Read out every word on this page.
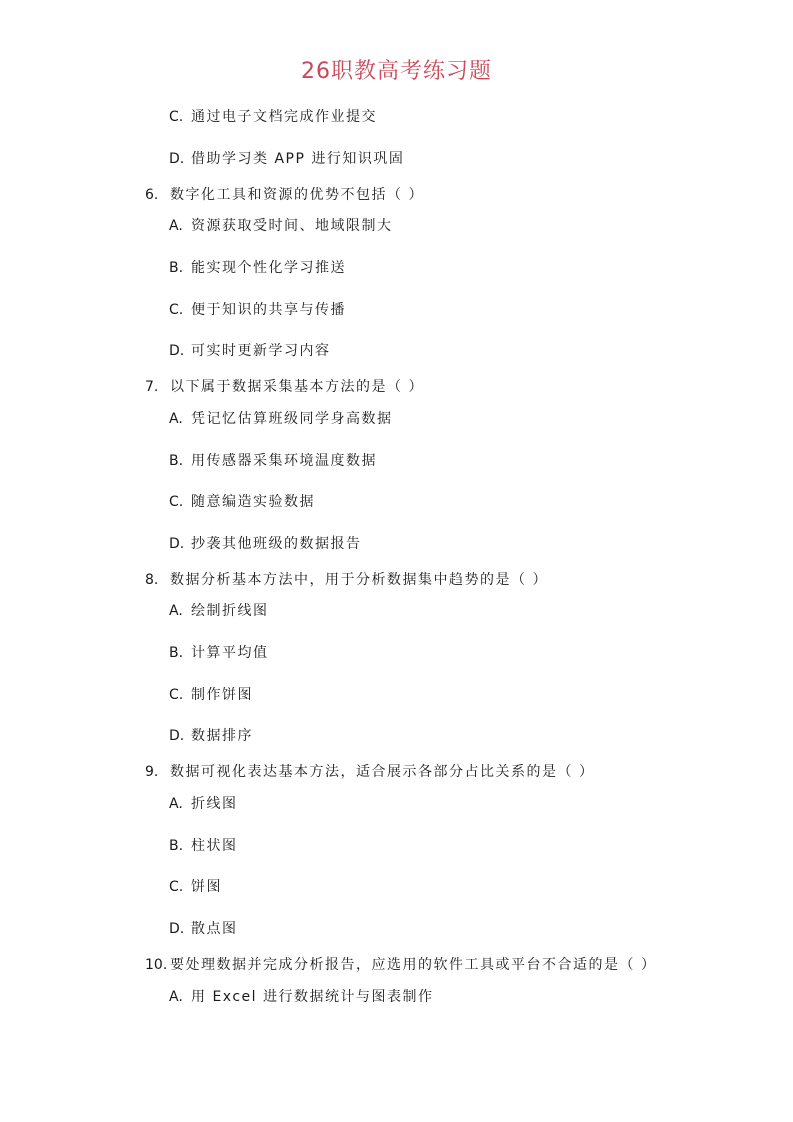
26职教高考练习题
C. 通过电子文档完成作业提交
D. 借助学习类 APP 进行知识巩固
6. 数字化工具和资源的优势不包括（ ）
A. 资源获取受时间、地域限制大
B. 能实现个性化学习推送
C. 便于知识的共享与传播
D. 可实时更新学习内容
7. 以下属于数据采集基本方法的是（ ）
A. 凭记忆估算班级同学身高数据
B. 用传感器采集环境温度数据
C. 随意编造实验数据
D. 抄袭其他班级的数据报告
8. 数据分析基本方法中，用于分析数据集中趋势的是（ ）
A. 绘制折线图
B. 计算平均值
C. 制作饼图
D. 数据排序
9. 数据可视化表达基本方法，适合展示各部分占比关系的是（ ）
A. 折线图
B. 柱状图
C. 饼图
D. 散点图
10. 要处理数据并完成分析报告，应选用的软件工具或平台不合适的是（ ）
A. 用 Excel 进行数据统计与图表制作
